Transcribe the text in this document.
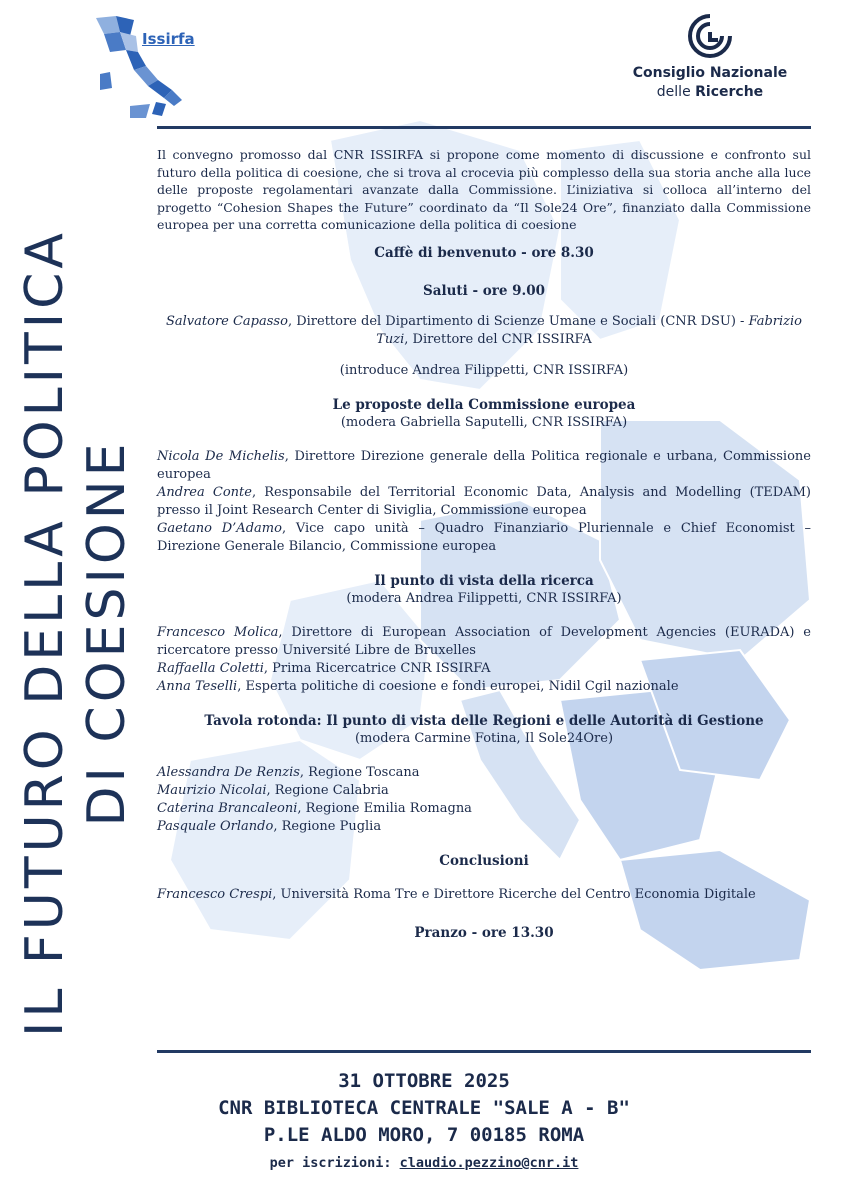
Issirfa
Consiglio Nazionale
delle Ricerche
IL FUTURO DELLA POLITICA DI COESIONE

Il convegno promosso dal CNR ISSIRFA si propone come momento di discussione e confronto sul futuro della politica di coesione, che si trova al crocevia più complesso della sua storia anche alla luce delle proposte regolamentari avanzate dalla Commissione. L’iniziativa si colloca all’interno del progetto “Cohesion Shapes the Future” coordinato da “Il Sole24 Ore”, finanziato dalla Commissione europea per una corretta comunicazione della politica di coesione

Caffè di benvenuto - ore 8.30

Saluti - ore 9.00

Salvatore Capasso, Direttore del Dipartimento di Scienze Umane e Sociali (CNR DSU) - Fabrizio Tuzi, Direttore del CNR ISSIRFA

(introduce Andrea Filippetti, CNR ISSIRFA)

Le proposte della Commissione europea

(modera Gabriella Saputelli, CNR ISSIRFA)

Nicola De Michelis, Direttore Direzione generale della Politica regionale e urbana, Commissione europea

Andrea Conte, Responsabile del Territorial Economic Data, Analysis and Modelling (TEDAM) presso il Joint Research Center di Siviglia, Commissione europea

Gaetano D’Adamo, Vice capo unità – Quadro Finanziario Pluriennale e Chief Economist – Direzione Generale Bilancio, Commissione europea

Il punto di vista della ricerca

(modera Andrea Filippetti, CNR ISSIRFA)

Francesco Molica, Direttore di European Association of Development Agencies (EURADA) e ricercatore presso Université Libre de Bruxelles

Raffaella Coletti, Prima Ricercatrice CNR ISSIRFA

Anna Teselli, Esperta politiche di coesione e fondi europei, Nidil Cgil nazionale

Tavola rotonda: Il punto di vista delle Regioni e delle Autorità di Gestione

(modera Carmine Fotina, Il Sole24Ore)

Alessandra De Renzis, Regione Toscana

Maurizio Nicolai, Regione Calabria

Caterina Brancaleoni, Regione Emilia Romagna

Pasquale Orlando, Regione Puglia

Conclusioni

Francesco Crespi, Università Roma Tre e Direttore Ricerche del Centro Economia Digitale

Pranzo - ore 13.30

31 OTTOBRE 2025
CNR BIBLIOTECA CENTRALE "SALE A - B"
P.LE ALDO MORO, 7 00185 ROMA
per iscrizioni: claudio.pezzino@cnr.it
